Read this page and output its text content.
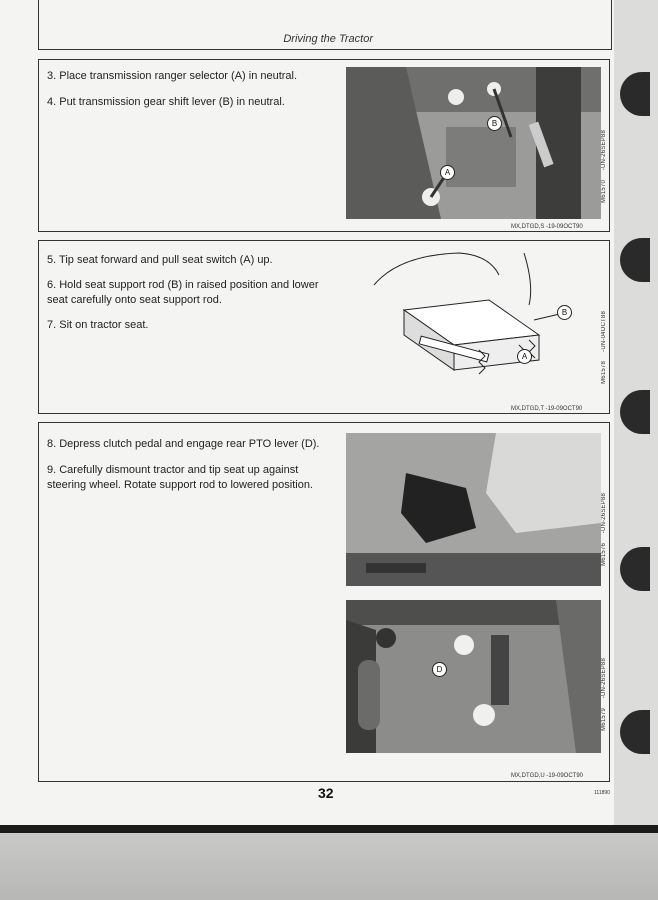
Driving the Tractor
3. Place transmission ranger selector (A) in neutral.
4. Put transmission gear shift lever (B) in neutral.
B
A
M61570
-UN-26SEP88
MX,DTGD,S -19-09OCT90
5. Tip seat forward and pull seat switch (A) up.
6. Hold seat support rod (B) in raised position and lower seat carefully onto seat support rod.
7. Sit on tractor seat.
B
A
M61578
-UN-04OCT88
MX,DTGD,T -19-09OCT90
8. Depress clutch pedal and engage rear PTO lever (D).
9. Carefully dismount tractor and tip seat up against steering wheel. Rotate support rod to lowered position.
D
M61576
-UN-26SEP88
M61579
-UN-26SEP88
MX,DTGD,U -19-09OCT90
32	111890
